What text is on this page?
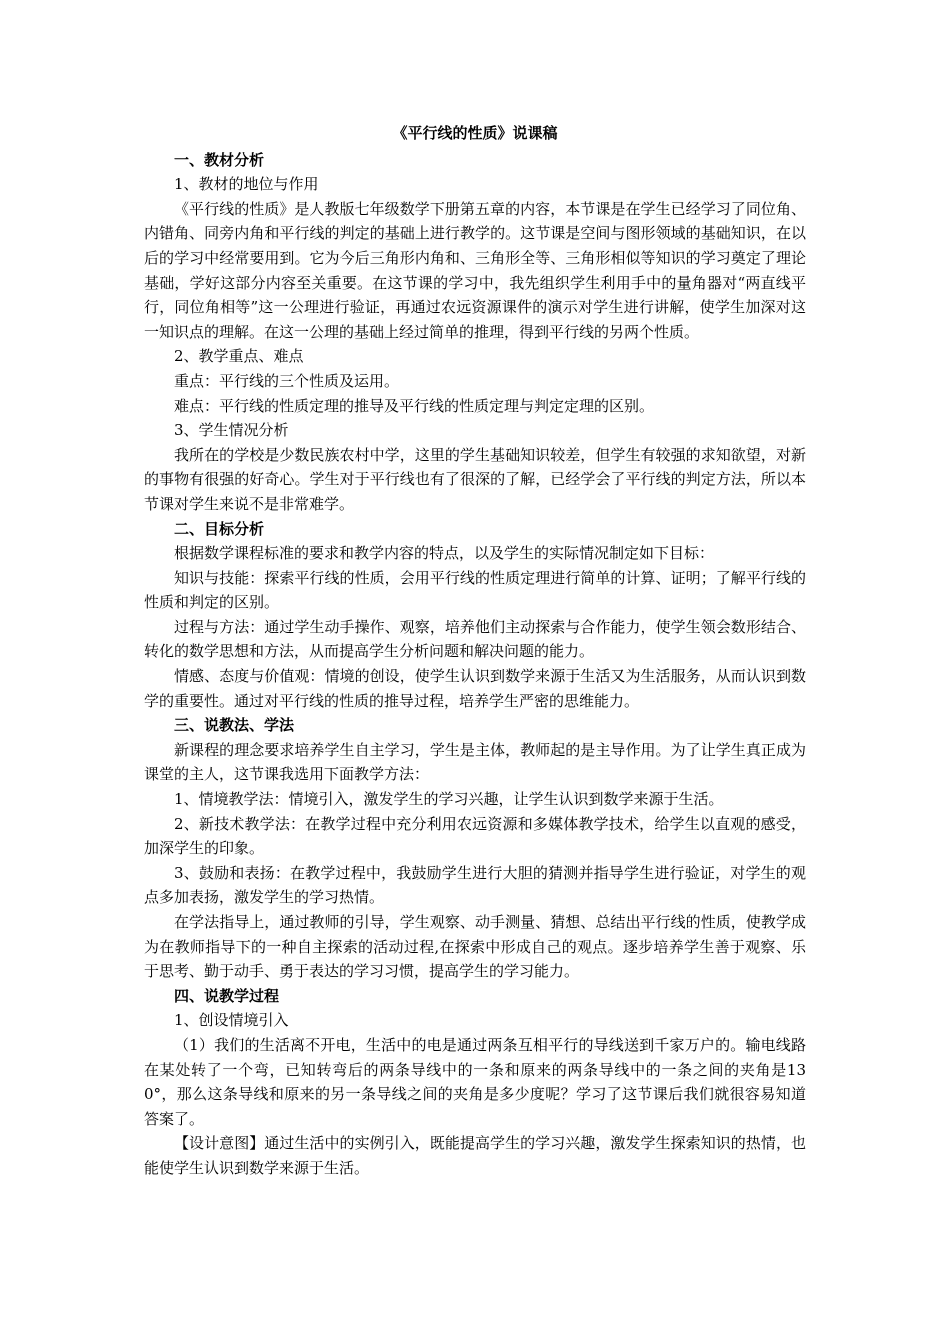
《平行线的性质》说课稿
一、教材分析
1、教材的地位与作用
《平行线的性质》是人教版七年级数学下册第五章的内容，本节课是在学生已经学习了同位角、内错角、同旁内角和平行线的判定的基础上进行教学的。这节课是空间与图形领域的基础知识，在以后的学习中经常要用到。它为今后三角形内角和、三角形全等、三角形相似等知识的学习奠定了理论基础，学好这部分内容至关重要。在这节课的学习中，我先组织学生利用手中的量角器对“两直线平行，同位角相等”这一公理进行验证，再通过农远资源课件的演示对学生进行讲解，使学生加深对这一知识点的理解。在这一公理的基础上经过简单的推理，得到平行线的另两个性质。
2、教学重点、难点
重点：平行线的三个性质及运用。
难点：平行线的性质定理的推导及平行线的性质定理与判定定理的区别。
3、学生情况分析
我所在的学校是少数民族农村中学，这里的学生基础知识较差，但学生有较强的求知欲望，对新的事物有很强的好奇心。学生对于平行线也有了很深的了解，已经学会了平行线的判定方法，所以本节课对学生来说不是非常难学。
二、目标分析
根据数学课程标准的要求和教学内容的特点，以及学生的实际情况制定如下目标：
知识与技能：探索平行线的性质，会用平行线的性质定理进行简单的计算、证明；了解平行线的性质和判定的区别。
过程与方法：通过学生动手操作、观察，培养他们主动探索与合作能力，使学生领会数形结合、转化的数学思想和方法，从而提高学生分析问题和解决问题的能力。
情感、态度与价值观：情境的创设，使学生认识到数学来源于生活又为生活服务，从而认识到数学的重要性。通过对平行线的性质的推导过程，培养学生严密的思维能力。
三、说教法、学法
新课程的理念要求培养学生自主学习，学生是主体，教师起的是主导作用。为了让学生真正成为课堂的主人，这节课我选用下面教学方法：
1、情境教学法：情境引入，激发学生的学习兴趣，让学生认识到数学来源于生活。
2、新技术教学法：在教学过程中充分利用农远资源和多媒体教学技术，给学生以直观的感受，加深学生的印象。
3、鼓励和表扬：在教学过程中，我鼓励学生进行大胆的猜测并指导学生进行验证，对学生的观点多加表扬，激发学生的学习热情。
在学法指导上，通过教师的引导，学生观察、动手测量、猜想、总结出平行线的性质，使教学成为在教师指导下的一种自主探索的活动过程,在探索中形成自己的观点。逐步培养学生善于观察、乐于思考、勤于动手、勇于表达的学习习惯，提高学生的学习能力。
四、说教学过程
1、创设情境引入
（1）我们的生活离不开电，生活中的电是通过两条互相平行的导线送到千家万户的。输电线路在某处转了一个弯，已知转弯后的两条导线中的一条和原来的两条导线中的一条之间的夹角是130°，那么这条导线和原来的另一条导线之间的夹角是多少度呢？学习了这节课后我们就很容易知道答案了。
【设计意图】通过生活中的实例引入，既能提高学生的学习兴趣，激发学生探索知识的热情，也能使学生认识到数学来源于生活。
